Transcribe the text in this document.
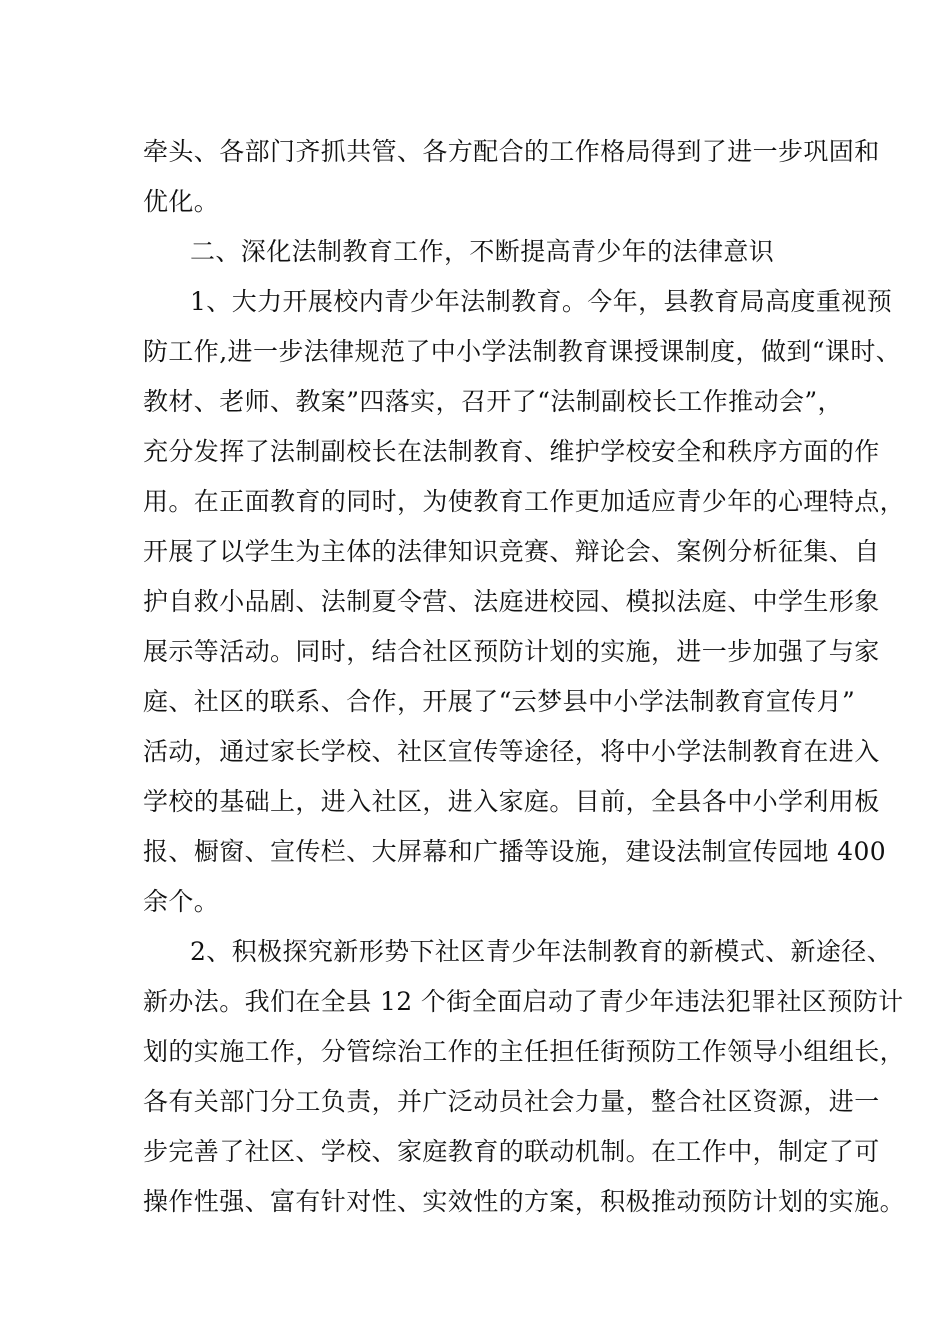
牵头、各部门齐抓共管、各方配合的工作格局得到了进一步巩固和
优化。
二、深化法制教育工作，不断提高青少年的法律意识
1、大力开展校内青少年法制教育。今年，县教育局高度重视预
防工作,进一步法律规范了中小学法制教育课授课制度，做到“课时、
教材、老师、教案”四落实，召开了“法制副校长工作推动会”，
充分发挥了法制副校长在法制教育、维护学校安全和秩序方面的作
用。在正面教育的同时，为使教育工作更加适应青少年的心理特点，
开展了以学生为主体的法律知识竞赛、辩论会、案例分析征集、自
护自救小品剧、法制夏令营、法庭进校园、模拟法庭、中学生形象
展示等活动。同时，结合社区预防计划的实施，进一步加强了与家
庭、社区的联系、合作，开展了“云梦县中小学法制教育宣传月”
活动，通过家长学校、社区宣传等途径，将中小学法制教育在进入
学校的基础上，进入社区，进入家庭。目前，全县各中小学利用板
报、橱窗、宣传栏、大屏幕和广播等设施，建设法制宣传园地 400
余个。
2、积极探究新形势下社区青少年法制教育的新模式、新途径、
新办法。我们在全县 12 个街全面启动了青少年违法犯罪社区预防计
划的实施工作，分管综治工作的主任担任街预防工作领导小组组长，
各有关部门分工负责，并广泛动员社会力量，整合社区资源，进一
步完善了社区、学校、家庭教育的联动机制。在工作中，制定了可
操作性强、富有针对性、实效性的方案，积极推动预防计划的实施。
